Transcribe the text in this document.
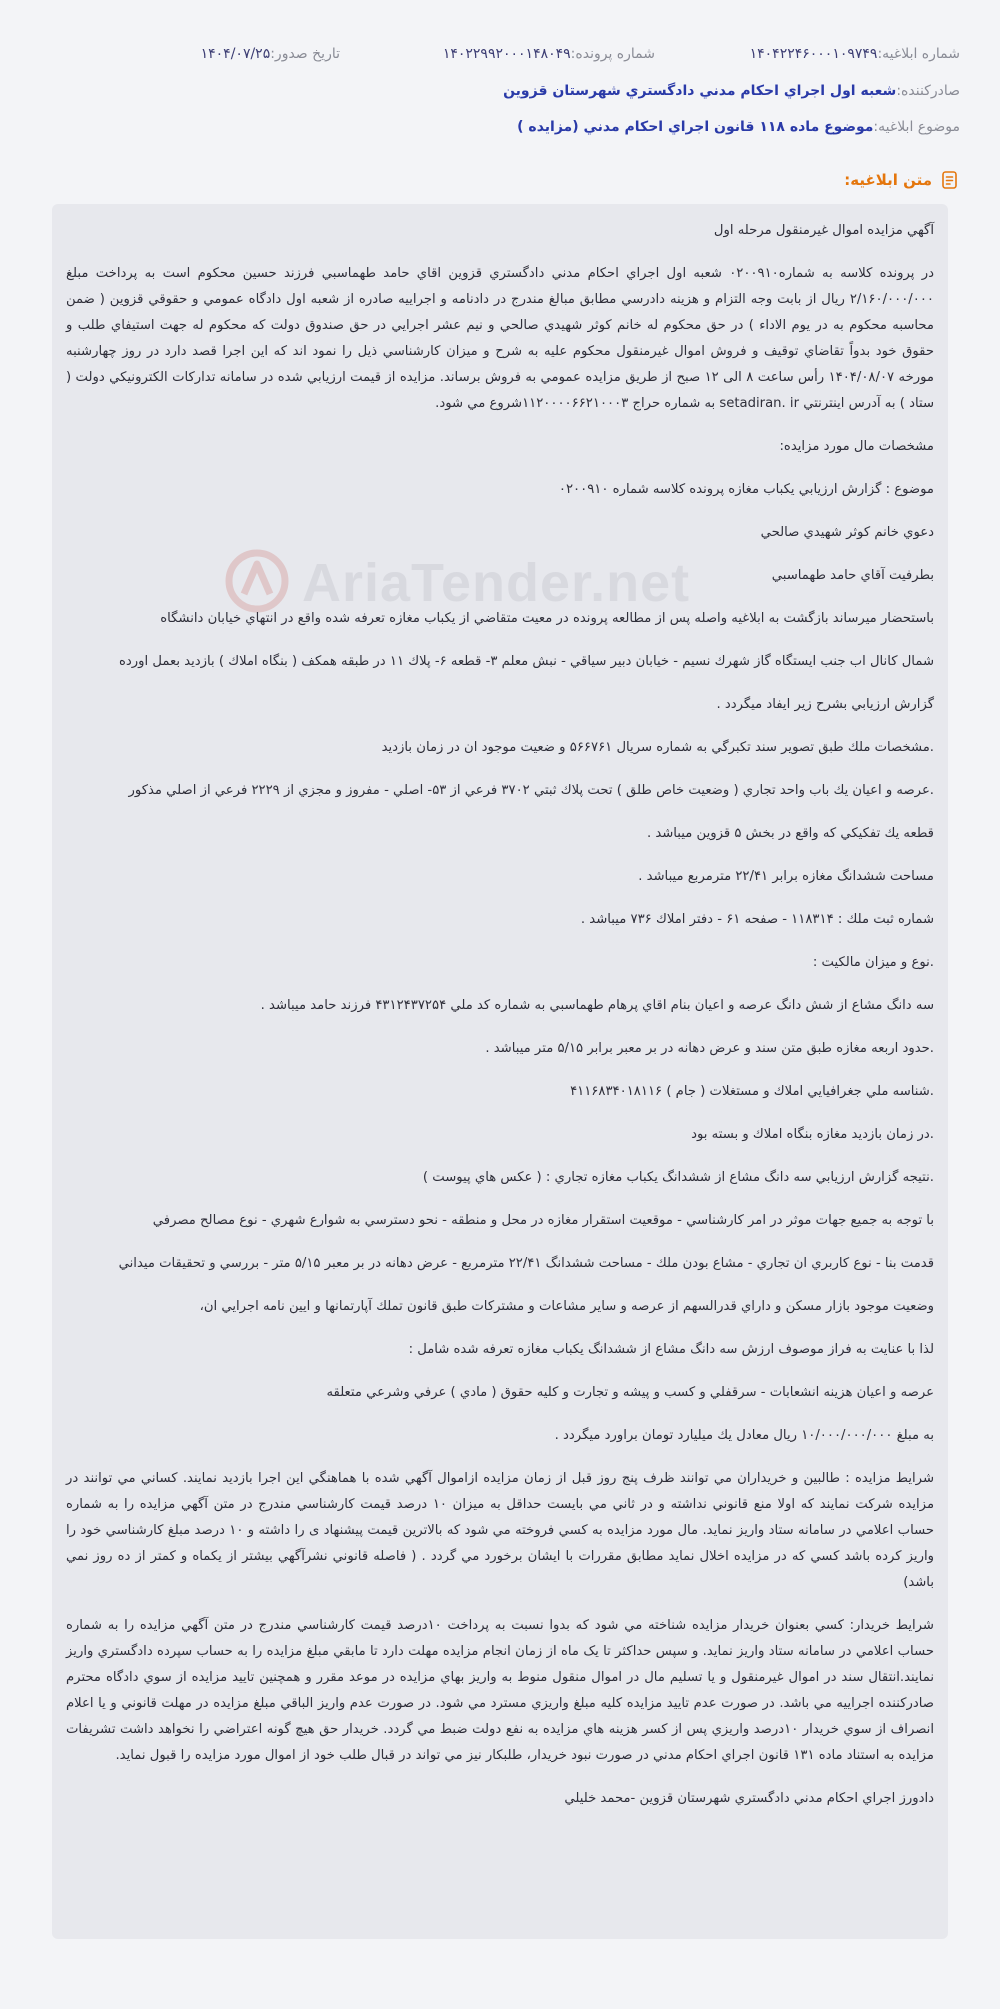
شماره ابلاغيه:
۱۴۰۴۲۲۴۶۰۰۰۱۰۹۷۴۹
شماره پرونده:
۱۴۰۲۲۹۹۲۰۰۰۱۴۸۰۴۹
تاريخ صدور:
۱۴۰۴/۰۷/۲۵
صادرکننده:
شعبه اول اجراي احکام مدني دادگستري شهرستان قزوين
موضوع ابلاغيه:
موضوع ماده ۱۱۸ قانون اجراي احکام مدني (مزايده )
متن ابلاغيه:
AriaTender.net

آگهي مزايده اموال غيرمنقول مرحله اول

در پرونده كلاسه به شماره۰۲۰۰۹۱۰ شعبه اول اجراي احكام مدني دادگستري قزوين اقاي حامد طهماسبي فرزند حسين محکوم است به پرداخت مبلغ ۲/۱۶۰/۰۰۰/۰۰۰ ريال از بابت وجه التزام و هزينه دادرسي مطابق مبالغ مندرج در دادنامه و اجراييه صادره از شعبه اول دادگاه عمومي و حقوقي قزوين ( ضمن محاسبه محکوم به در يوم الاداء ) در حق محكوم له خانم كوثر شهيدي صالحي و نيم عشر اجرايي در حق صندوق دولت كه محكوم له جهت استيفاي طلب و حقوق خود بدواً تقاضاي توقيف و فروش اموال غيرمنقول محكوم عليه به شرح و ميزان كارشناسي ذيل را نمود اند كه اين اجرا قصد دارد در روز چهارشنبه مورخه ۱۴۰۴/۰۸/۰۷ رأس ساعت ۸ الی ۱۲ صبح از طريق مزايده عمومي به فروش برساند. مزايده از قيمت ارزيابي شده در سامانه تداركات الكترونيكي دولت ( ستاد ) به آدرس اينترنتي setadiran. ir به شماره حراج ۱۱۲۰۰۰۰۶۶۲۱۰۰۰۳شروع مي شود.

مشخصات مال مورد مزايده:

موضوع : گزارش ارزيابي يكباب مغازه پرونده كلاسه شماره ۰۲۰۰۹۱۰

دعوي خانم كوثر شهيدي صالحي

بطرفيت آقاي حامد طهماسبي

باستحضار ميرساند بازگشت به ابلاغيه واصله پس از مطالعه پرونده در معيت متقاضي از يكباب مغازه تعرفه شده واقع در انتهاي خيابان دانشگاه

شمال كانال اب جنب ايستگاه گاز شهرك نسيم - خيابان دبير سياقي - نبش معلم ۳- قطعه ۶- پلاك ۱۱ در طبقه همكف ( بنگاه املاك ) بازديد بعمل اورده

گزارش ارزيابي بشرح زير ايفاد ميگردد .

.مشخصات ملك طبق تصوير سند تكبرگي به شماره سريال ۵۶۶۷۶۱ و ضعيت موجود ان در زمان بازديد

.عرصه و اعيان يك باب واحد تجاري ( وضعيت خاص طلق ) تحت پلاك ثبتي ۳۷۰۲ فرعي از ۵۳- اصلي - مفروز و مجزي از ۲۲۲۹ فرعي از اصلي مذكور

قطعه يك تفكيكي كه واقع در بخش ۵ قزوين ميباشد .

مساحت ششدانگ مغازه برابر ۲۲/۴۱ مترمربع ميباشد .

شماره ثبت ملك : ۱۱۸۳۱۴ - صفحه ۶۱ - دفتر املاك ۷۳۶ ميباشد .

.نوع و ميزان مالكيت :

سه دانگ مشاع از شش دانگ عرصه و اعيان بنام اقاي پرهام طهماسبي به شماره كد ملي ۴۳۱۲۴۳۷۲۵۴ فرزند حامد ميباشد .

.حدود اربعه مغازه طبق متن سند و عرض دهانه در بر معبر برابر ۵/۱۵ متر ميباشد .

.شناسه ملي جغرافيايي املاك و مستغلات ( جام ) ۴۱۱۶۸۳۴۰۱۸۱۱۶

.در زمان بازديد مغازه بنگاه املاك و بسته بود

.نتيجه گزارش ارزيابي سه دانگ مشاع از ششدانگ يكباب مغازه تجاري : ( عكس هاي پيوست )

با توجه به جميع جهات موثر در امر كارشناسي - موقعيت استقرار مغازه در محل و منطقه - نحو دسترسي به شوارع شهري - نوع مصالح مصرفي

قدمت بنا - نوع كاربري ان تجاري - مشاع بودن ملك - مساحت ششدانگ ۲۲/۴۱ مترمربع - عرض دهانه در بر معبر ۵/۱۵ متر - بررسي و تحقيقات ميداني

وضعيت موجود بازار مسكن و داراي قدرالسهم از عرصه و ساير مشاعات و مشتركات طبق قانون تملك آپارتمانها و ايين نامه اجرايي ان،

لذا با عنايت به فراز موصوف ارزش سه دانگ مشاع از ششدانگ يكباب مغازه تعرفه شده شامل :

عرصه و اعيان هزينه انشعابات - سرقفلي و كسب و پيشه و تجارت و كليه حقوق ( مادي ) عرفي وشرعي متعلقه

به مبلغ ۱۰/۰۰۰/۰۰۰/۰۰۰ ريال معادل يك ميليارد تومان براورد ميگردد .

شرايط مزايده : طالبين و خريداران مي توانند ظرف پنج روز قبل از زمان مزايده ازاموال آگهي شده با هماهنگي اين اجرا بازديد نمايند. كساني مي توانند در مزايده شركت نمايند كه اولا منع قانوني نداشته و در ثاني مي بايست حداقل به ميزان ۱۰ درصد قيمت كارشناسي مندرج در متن آگهي مزايده را به شماره حساب اعلامي در سامانه ستاد واريز نمايد. مال مورد مزايده به كسي فروخته مي شود كه بالاترين قيمت پيشنهاد ی را داشته و ۱۰ درصد مبلغ كارشناسي خود را واريز كرده باشد كسي كه در مزايده اخلال نمايد مطابق مقررات با ايشان برخورد مي گردد . ( فاصله قانوني نشرآگهي بيشتر از يكماه و كمتر از ده روز نمي باشد)

شرايط خريدار: كسي بعنوان خريدار مزايده شناخته مي شود كه بدوا نسبت به پرداخت ۱۰درصد قيمت كارشناسي مندرج در متن آگهي مزايده را به شماره حساب اعلامي در سامانه ستاد واريز نمايد. و سپس حداكثر تا يک ماه از زمان انجام مزايده مهلت دارد تا مابقي مبلغ مزايده را به حساب سپرده دادگستري واريز نمايند.انتقال سند در اموال غيرمنقول و يا تسليم مال در اموال منقول منوط به واريز بهاي مزايده در موعد مقرر و همچنين تاييد مزايده از سوي دادگاه محترم صادركننده اجراييه مي باشد. در صورت عدم تاييد مزايده كليه مبلغ واريزي مسترد مي شود. در صورت عدم واريز الباقي مبلغ مزايده در مهلت قانوني و يا اعلام انصراف از سوي خريدار ۱۰درصد واريزي پس از كسر هزينه هاي مزايده به نفع دولت ضبط مي گردد. خريدار حق هيچ گونه اعتراضي را نخواهد داشت تشريفات مزايده به استناد ماده ۱۳۱ قانون اجراي احكام مدني در صورت نبود خريدار، طلبكار نيز مي تواند در قبال طلب خود از اموال مورد مزايده را قبول نمايد.

دادورز اجراي احکام مدني دادگستري شهرستان قزوين -محمد خليلي
